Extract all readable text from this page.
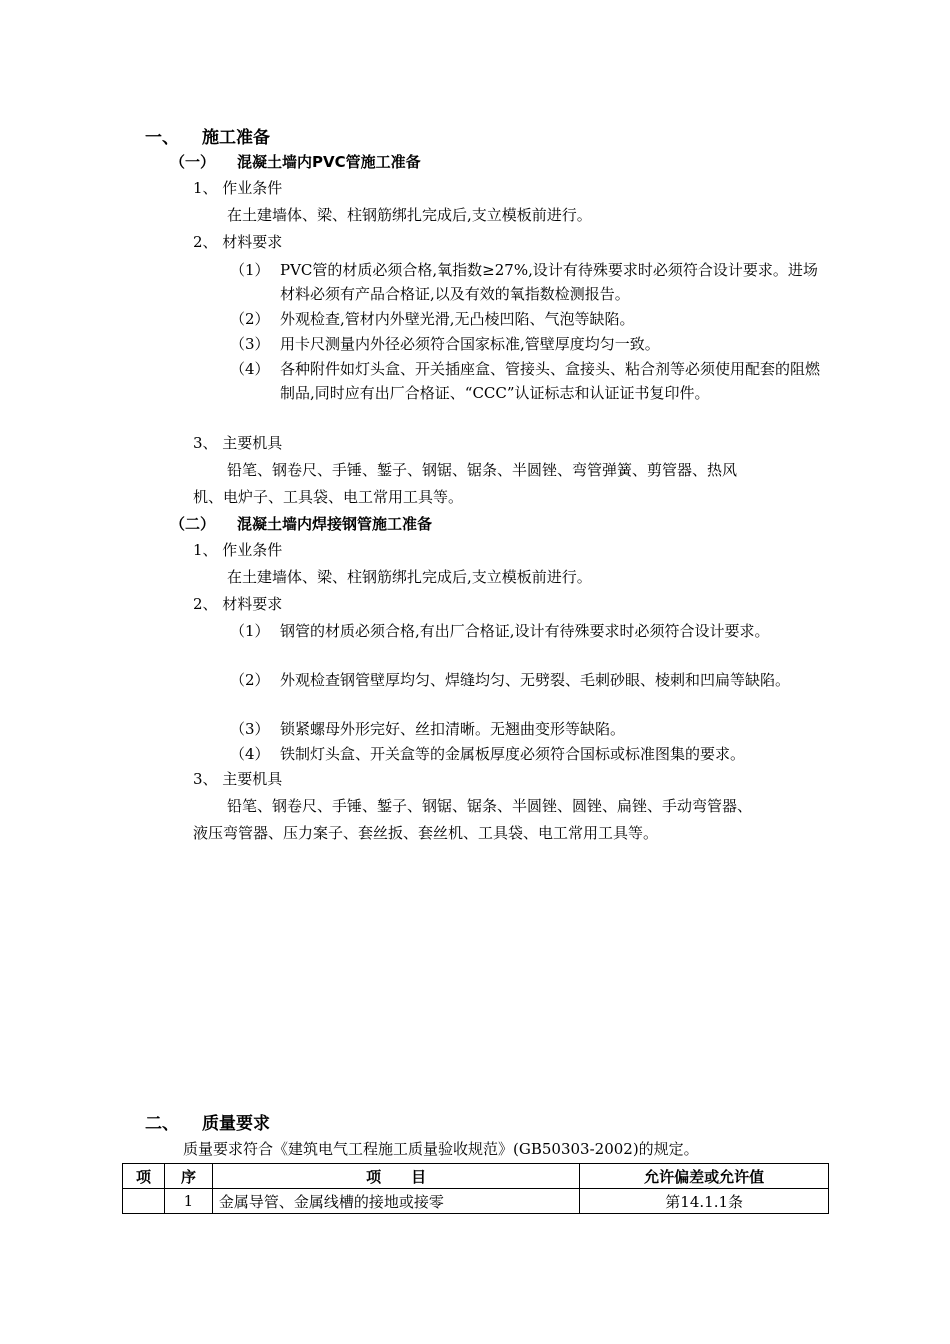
一、 施工准备
（一） 混凝土墙内PVC管施工准备
1、 作业条件
在土建墙体、梁、柱钢筋绑扎完成后,支立模板前进行。
2、 材料要求
（1） PVC管的材质必须合格,氧指数≥27%,设计有待殊要求时必须符合设计要求。进场材料必须有产品合格证,以及有效的氧指数检测报告。
（2） 外观检查,管材内外壁光滑,无凸棱凹陷、气泡等缺陷。
（3） 用卡尺测量内外径必须符合国家标准,管壁厚度均匀一致。
（4） 各种附件如灯头盒、开关插座盒、管接头、盒接头、粘合剂等必须使用配套的阻燃制品,同时应有出厂合格证、“CCC”认证标志和认证证书复印件。
3、 主要机具
铅笔、钢卷尺、手锤、錾子、钢锯、锯条、半圆锉、弯管弹簧、剪管器、热风
机、电炉子、工具袋、电工常用工具等。
（二） 混凝土墙内焊接钢管施工准备
1、 作业条件
在土建墙体、梁、柱钢筋绑扎完成后,支立模板前进行。
2、 材料要求
（1） 钢管的材质必须合格,有出厂合格证,设计有待殊要求时必须符合设计要求。
（2） 外观检查钢管壁厚均匀、焊缝均匀、无劈裂、毛刺砂眼、棱刺和凹扁等缺陷。
（3） 锁紧螺母外形完好、丝扣清晰。无翘曲变形等缺陷。
（4） 铁制灯头盒、开关盒等的金属板厚度必须符合国标或标准图集的要求。
3、 主要机具
铅笔、钢卷尺、手锤、錾子、钢锯、锯条、半圆锉、圆锉、扁锉、手动弯管器、
液压弯管器、压力案子、套丝扳、套丝机、工具袋、电工常用工具等。
二、 质量要求
质量要求符合《建筑电气工程施工质量验收规范》(GB50303-2002)的规定。
项	序	项　　目	允许偏差或允许值
	1	金属导管、金属线槽的接地或接零	第14.1.1条
